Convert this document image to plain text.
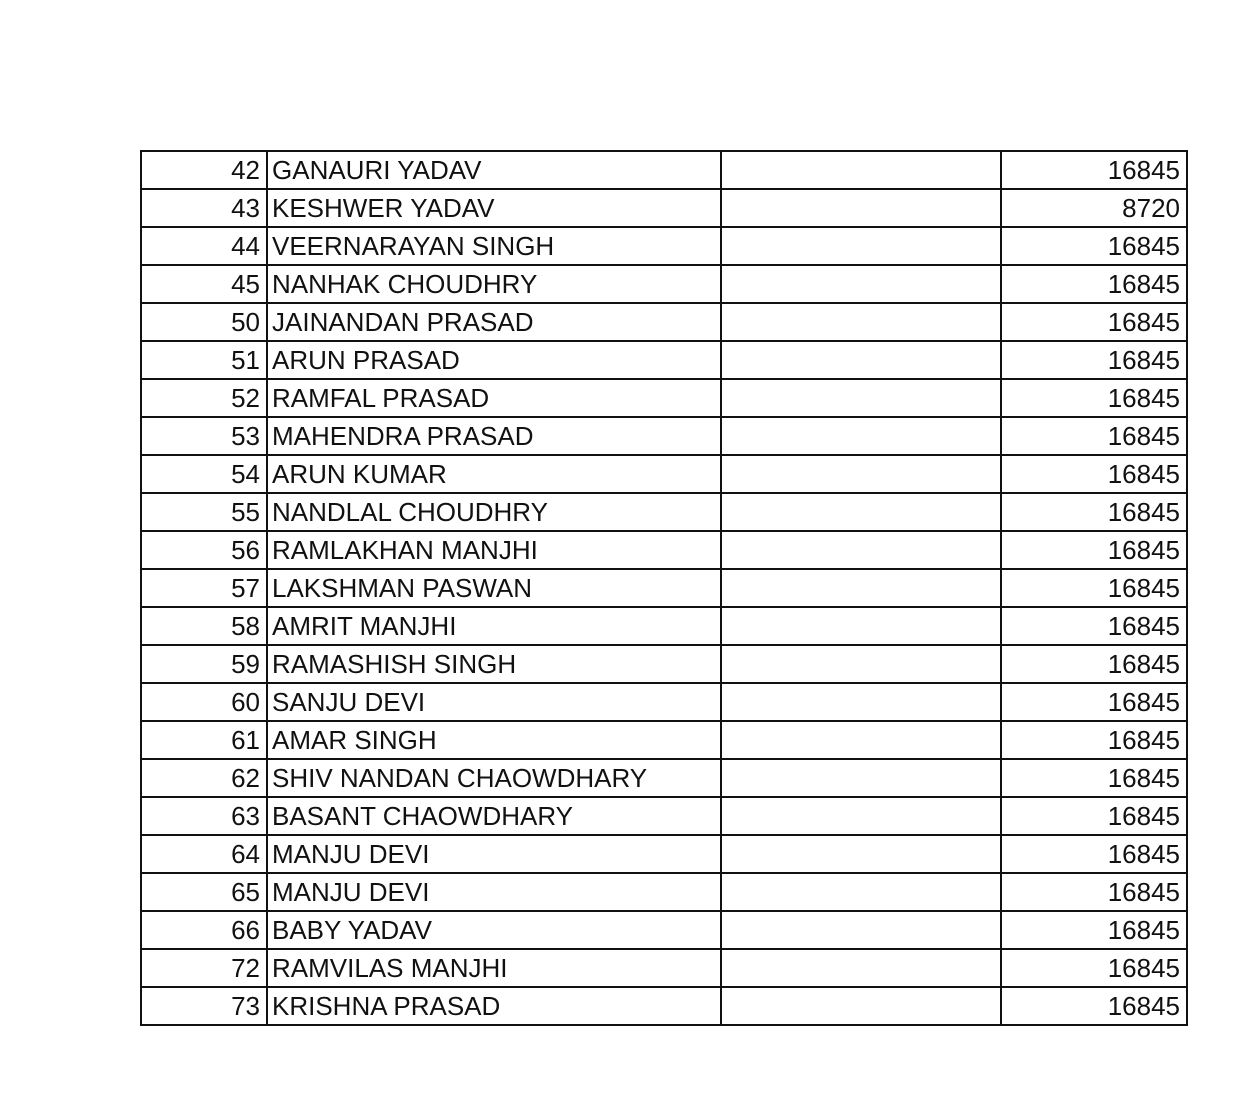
42	GANAURI YADAV		16845
43	KESHWER YADAV		8720
44	VEERNARAYAN SINGH		16845
45	NANHAK CHOUDHRY		16845
50	JAINANDAN PRASAD		16845
51	ARUN PRASAD		16845
52	RAMFAL PRASAD		16845
53	MAHENDRA PRASAD		16845
54	ARUN KUMAR		16845
55	NANDLAL CHOUDHRY		16845
56	RAMLAKHAN MANJHI		16845
57	LAKSHMAN PASWAN		16845
58	AMRIT MANJHI		16845
59	RAMASHISH SINGH		16845
60	SANJU DEVI		16845
61	AMAR SINGH		16845
62	SHIV NANDAN CHAOWDHARY		16845
63	BASANT CHAOWDHARY		16845
64	MANJU DEVI		16845
65	MANJU DEVI		16845
66	BABY YADAV		16845
72	RAMVILAS MANJHI		16845
73	KRISHNA PRASAD		16845
